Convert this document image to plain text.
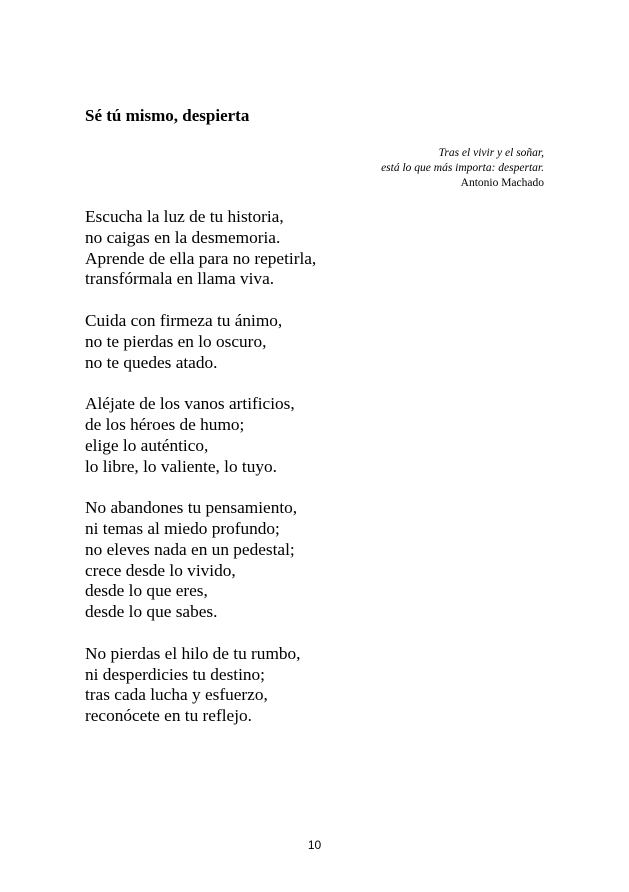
Sé tú mismo, despierta
Tras el vivir y el soñar,
está lo que más importa: despertar.
Antonio Machado
Escucha la luz de tu historia,
no caigas en la desmemoria.
Aprende de ella para no repetirla,
transfórmala en llama viva.
Cuida con firmeza tu ánimo,
no te pierdas en lo oscuro,
no te quedes atado.
Aléjate de los vanos artificios,
de los héroes de humo;
elige lo auténtico,
lo libre, lo valiente, lo tuyo.
No abandones tu pensamiento,
ni temas al miedo profundo;
no eleves nada en un pedestal;
crece desde lo vivido,
desde lo que eres,
desde lo que sabes.
No pierdas el hilo de tu rumbo,
ni desperdicies tu destino;
tras cada lucha y esfuerzo,
reconócete en tu reflejo.
10
